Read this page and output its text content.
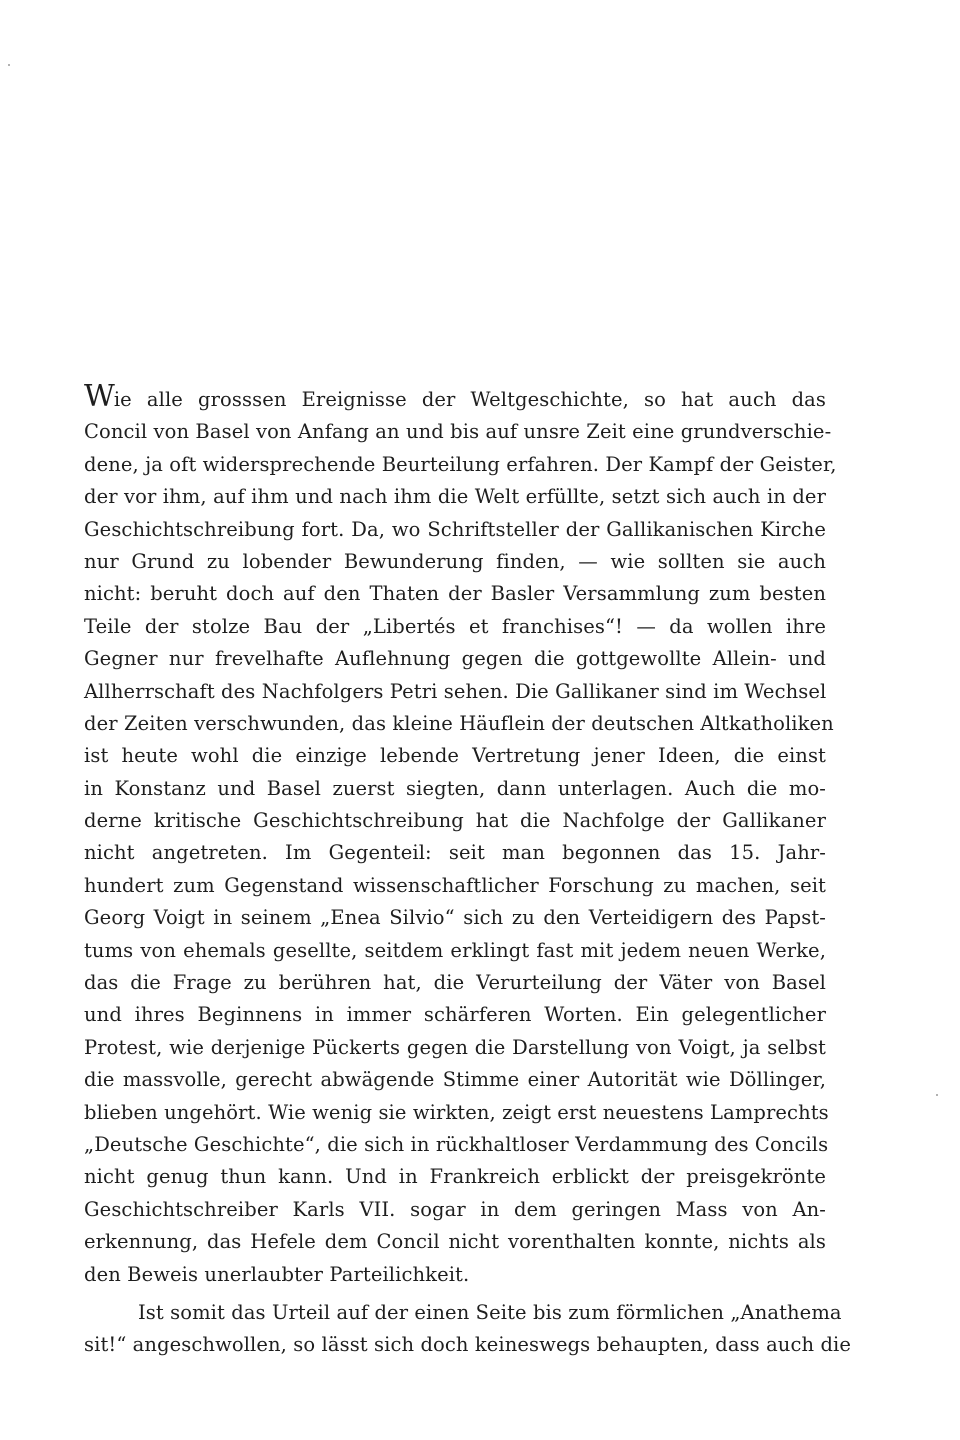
Wie alle grosssen Ereignisse der Weltgeschichte, so hat auch das
Concil von Basel von Anfang an und bis auf unsre Zeit eine grundverschie-
dene, ja oft widersprechende Beurteilung erfahren. Der Kampf der Geister,
der vor ihm, auf ihm und nach ihm die Welt erfüllte, setzt sich auch in der
Geschichtschreibung fort. Da, wo Schriftsteller der Gallikanischen Kirche
nur Grund zu lobender Bewunderung finden, — wie sollten sie auch
nicht: beruht doch auf den Thaten der Basler Versammlung zum besten
Teile der stolze Bau der „Libertés et franchises“! — da wollen ihre
Gegner nur frevelhafte Auflehnung gegen die gottgewollte Allein- und
Allherrschaft des Nachfolgers Petri sehen. Die Gallikaner sind im Wechsel
der Zeiten verschwunden, das kleine Häuflein der deutschen Altkatholiken
ist heute wohl die einzige lebende Vertretung jener Ideen, die einst
in Konstanz und Basel zuerst siegten, dann unterlagen. Auch die mo-
derne kritische Geschichtschreibung hat die Nachfolge der Gallikaner
nicht angetreten. Im Gegenteil: seit man begonnen das 15. Jahr-
hundert zum Gegenstand wissenschaftlicher Forschung zu machen, seit
Georg Voigt in seinem „Enea Silvio“ sich zu den Verteidigern des Papst-
tums von ehemals gesellte, seitdem erklingt fast mit jedem neuen Werke,
das die Frage zu berühren hat, die Verurteilung der Väter von Basel
und ihres Beginnens in immer schärferen Worten. Ein gelegentlicher
Protest, wie derjenige Pückerts gegen die Darstellung von Voigt, ja selbst
die massvolle, gerecht abwägende Stimme einer Autorität wie Döllinger,
blieben ungehört. Wie wenig sie wirkten, zeigt erst neuestens Lamprechts
„Deutsche Geschichte“, die sich in rückhaltloser Verdammung des Concils
nicht genug thun kann. Und in Frankreich erblickt der preisgekrönte
Geschichtschreiber Karls VII. sogar in dem geringen Mass von An-
erkennung, das Hefele dem Concil nicht vorenthalten konnte, nichts als
den Beweis unerlaubter Parteilichkeit.
Ist somit das Urteil auf der einen Seite bis zum förmlichen „Anathema
sit!“ angeschwollen, so lässt sich doch keineswegs behaupten, dass auch die
